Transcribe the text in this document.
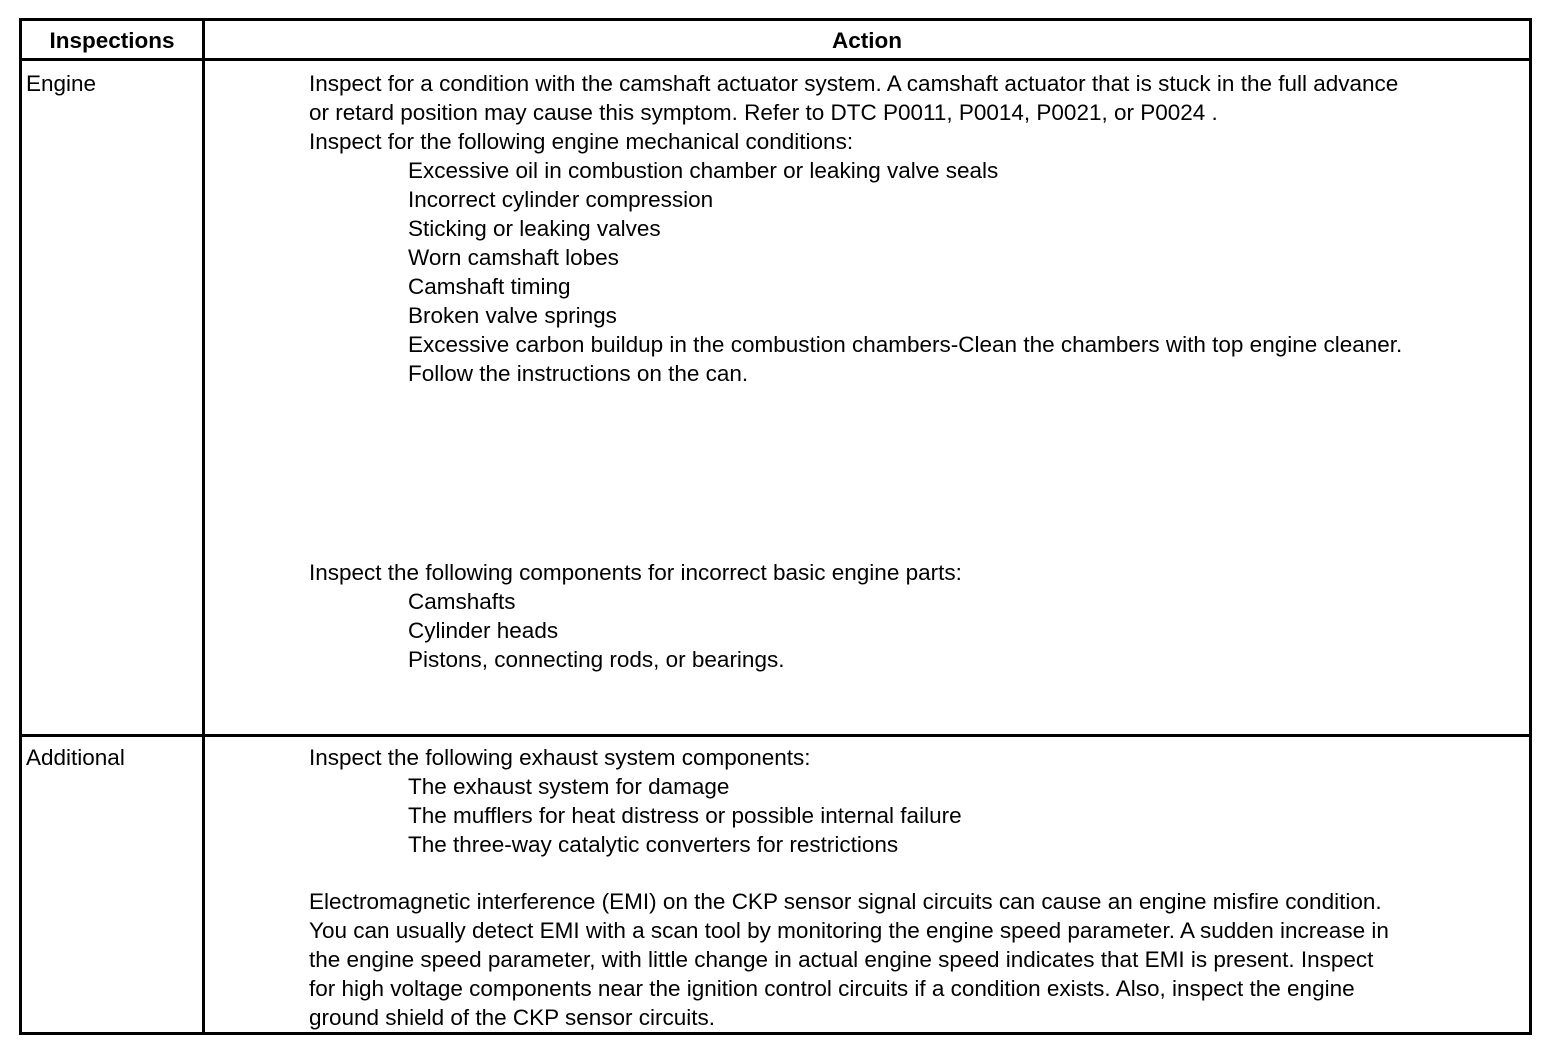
Inspections	Action
Engine	Inspect for a condition with the camshaft actuator system. A camshaft actuator that is stuck in the full advance
or retard position may cause this symptom. Refer to DTC P0011, P0014, P0021, or P0024 .
Inspect for the following engine mechanical conditions:
Excessive oil in combustion chamber or leaking valve seals
Incorrect cylinder compression
Sticking or leaking valves
Worn camshaft lobes
Camshaft timing
Broken valve springs
Excessive carbon buildup in the combustion chambers-Clean the chambers with top engine cleaner.
Follow the instructions on the can.
Inspect the following components for incorrect basic engine parts:
Camshafts
Cylinder heads
Pistons, connecting rods, or bearings.
Additional	Inspect the following exhaust system components:
The exhaust system for damage
The mufflers for heat distress or possible internal failure
The three-way catalytic converters for restrictions
Electromagnetic interference (EMI) on the CKP sensor signal circuits can cause an engine misfire condition.
You can usually detect EMI with a scan tool by monitoring the engine speed parameter. A sudden increase in
the engine speed parameter, with little change in actual engine speed indicates that EMI is present. Inspect
for high voltage components near the ignition control circuits if a condition exists. Also, inspect the engine
ground shield of the CKP sensor circuits.
